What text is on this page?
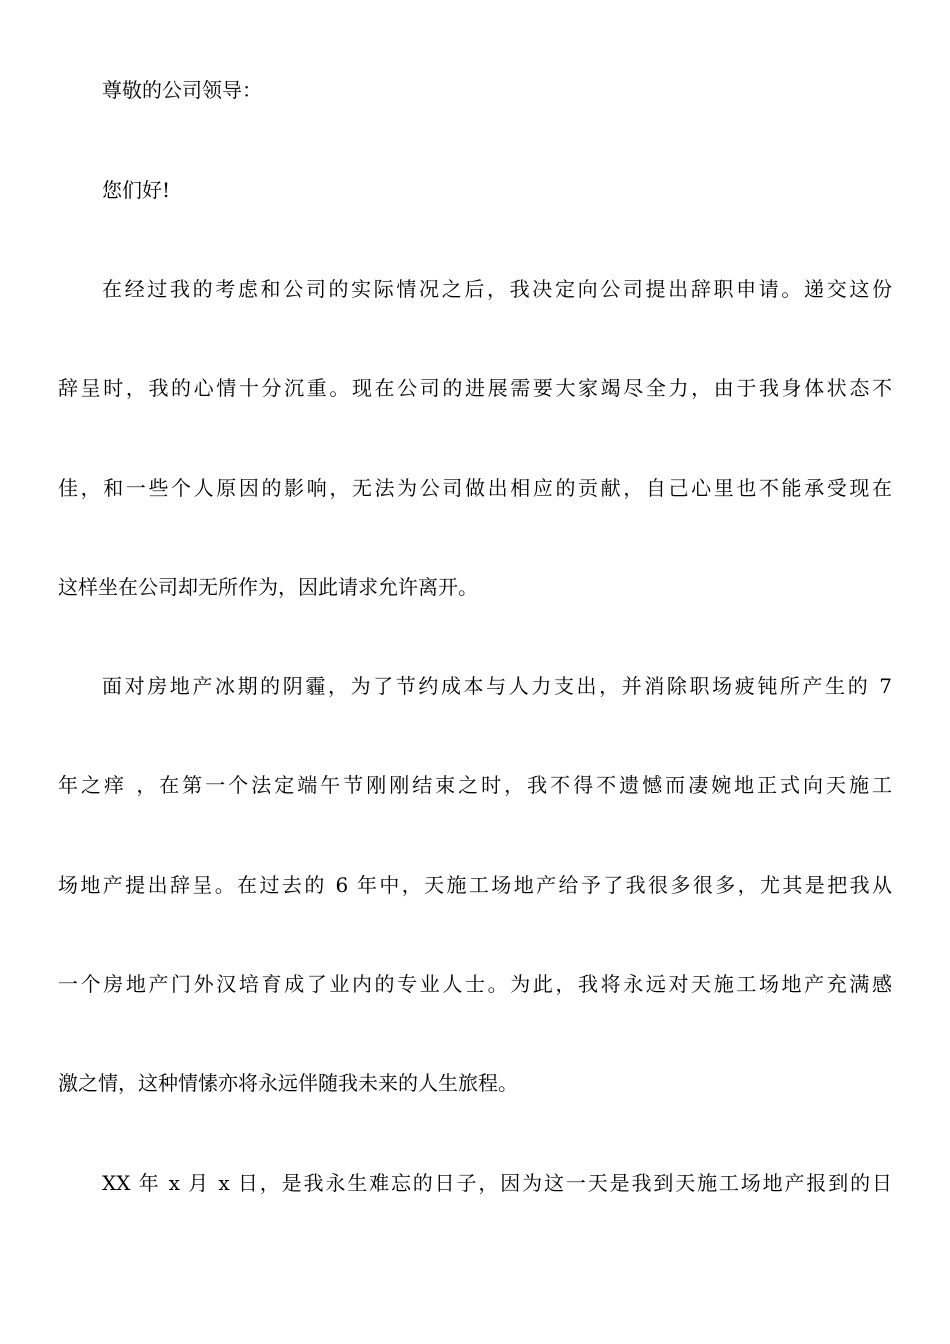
尊敬的公司领导：
您们好!
在经过我的考虑和公司的实际情况之后，我决定向公司提出辞职申请。递交这份
辞呈时，我的心情十分沉重。现在公司的进展需要大家竭尽全力，由于我身体状态不
佳，和一些个人原因的影响，无法为公司做出相应的贡献，自己心里也不能承受现在
这样坐在公司却无所作为，因此请求允许离开。
面对房地产冰期的阴霾，为了节约成本与人力支出，并消除职场疲钝所产生的 7
年之痒 ，在第一个法定端午节刚刚结束之时，我不得不遗憾而凄婉地正式向天施工
场地产提出辞呈。在过去的 6 年中，天施工场地产给予了我很多很多，尤其是把我从
一个房地产门外汉培育成了业内的专业人士。为此，我将永远对天施工场地产充满感
激之情，这种情愫亦将永远伴随我未来的人生旅程。
XX 年 x 月 x 日，是我永生难忘的日子，因为这一天是我到天施工场地产报到的日
